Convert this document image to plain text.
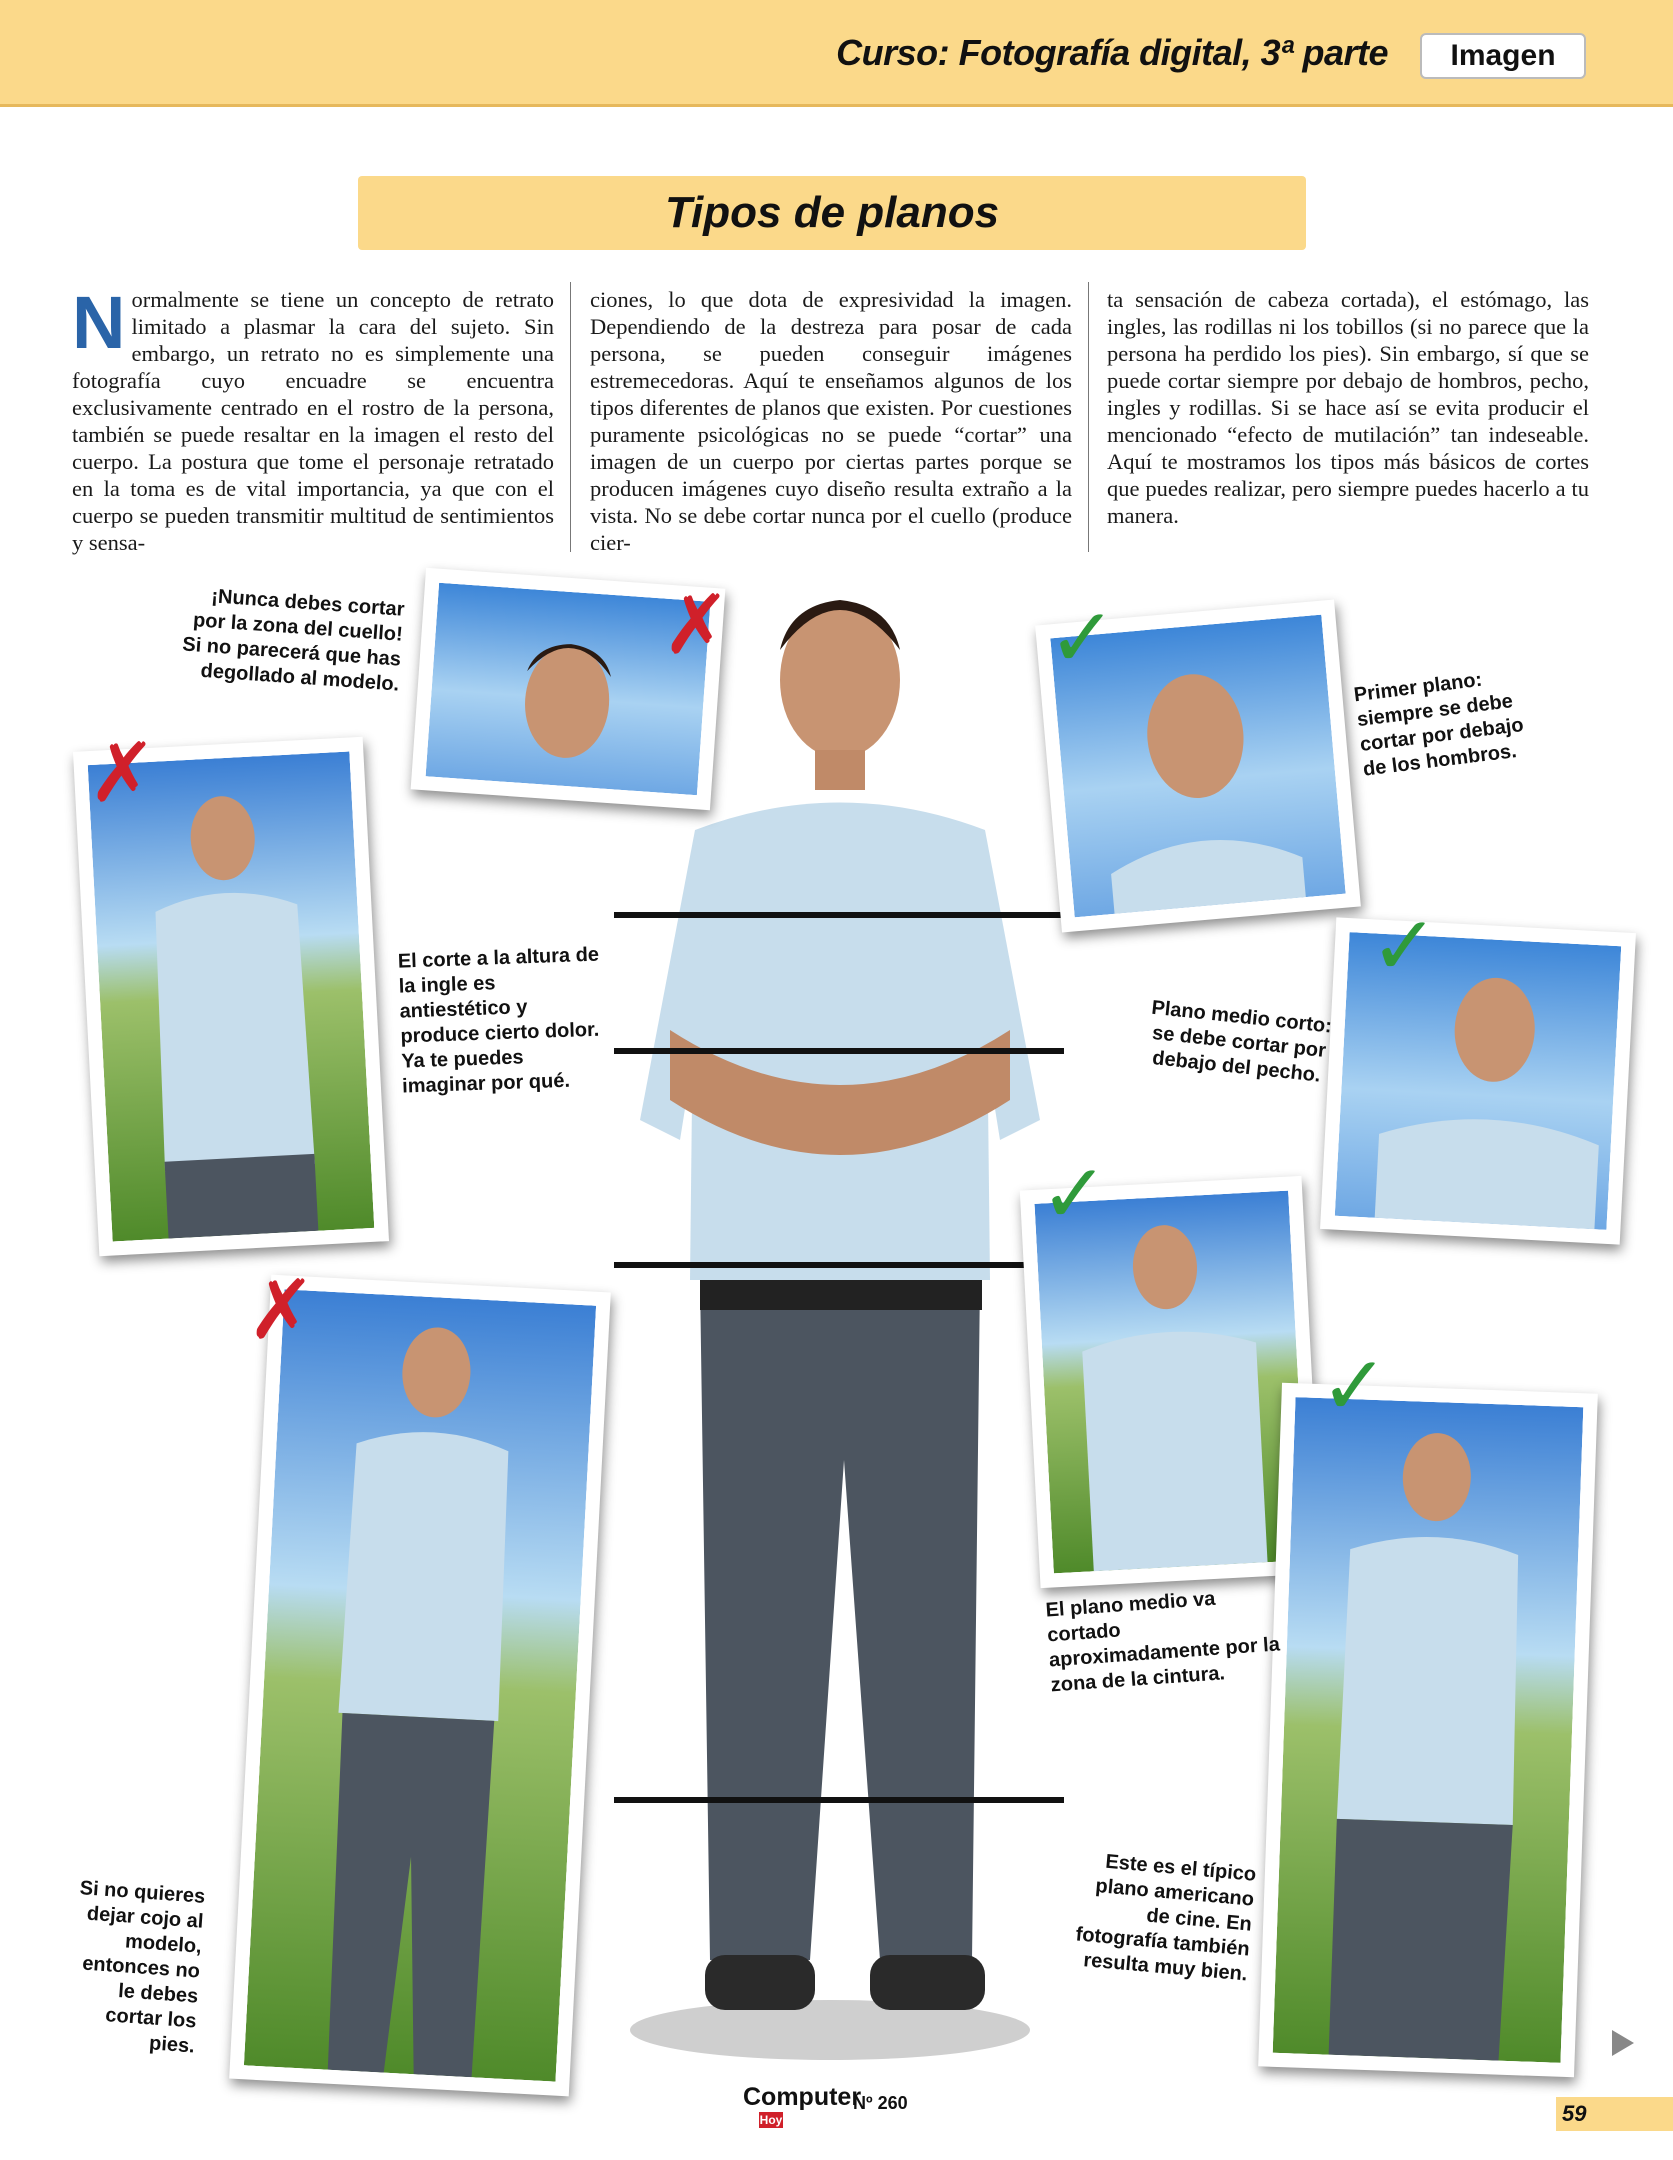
Curso: Fotografía digital, 3ª parte	Imagen
Tipos de planos
Normalmente se tiene un concepto de retrato limitado a plasmar la cara del sujeto. Sin embargo, un retrato no es simplemente una fotografía cuyo encuadre se encuentra exclusivamente centrado en el rostro de la persona, también se puede resaltar en la imagen el resto del cuerpo. La postura que tome el personaje retratado en la toma es de vital importancia, ya que con el cuerpo se pueden transmitir multitud de sentimientos y sensa-
ciones, lo que dota de expresividad la imagen. Dependiendo de la destreza para posar de cada persona, se pueden conseguir imágenes estremecedoras. Aquí te enseñamos algunos de los tipos diferentes de planos que existen. Por cuestiones puramente psicológicas no se puede “cortar” una imagen de un cuerpo por ciertas partes porque se producen imágenes cuyo diseño resulta extraño a la vista. No se debe cortar nunca por el cuello (produce cier-
ta sensación de cabeza cortada), el estómago, las ingles, las rodillas ni los tobillos (si no parece que la persona ha perdido los pies). Sin embargo, sí que se puede cortar siempre por debajo de hombros, pecho, ingles y rodillas. Si se hace así se evita producir el mencionado “efecto de mutilación” tan indeseable. Aquí te mostramos los tipos más básicos de cortes que puedes realizar, pero siempre puedes hacerlo a tu manera.
✗
✗
✗
✓
✓
✓
✓
¡Nunca debes cortar por la zona del cuello! Si no parecerá que has degollado al modelo.
El corte a la altura de la ingle es antiestético y produce cierto dolor. Ya te puedes imaginar por qué.
Si no quieres dejar cojo al modelo, entonces no le debes cortar los pies.
Primer plano: siempre se debe cortar por debajo de los hombros.
Plano medio corto: se debe cortar por debajo del pecho.
El plano medio va cortado aproximadamente por la zona de la cintura.
Este es el típico plano americano de cine. En fotografía también resulta muy bien.
Computer
Hoy
Nº 260	59
